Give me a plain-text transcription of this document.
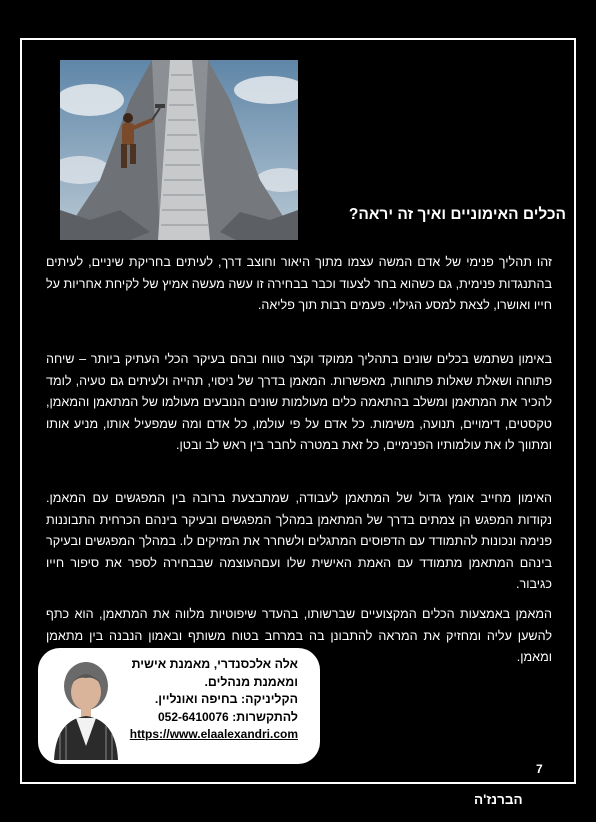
הכלים האימוניים ואיך זה יראה?

זהו תהליך פנימי של אדם המשה עצמו מתוך היאור וחוצב דרך, לעיתים בחריקת שיניים, לעיתים בהתנגדות פנימית, גם כשהוא בחר לצעוד וכבר בבחירה זו עשה מעשה אמיץ של לקיחת אחריות על חייו ואושרו, לצאת למסע הגילוי. פעמים רבות תוך פליאה.

באימון נשתמש בכלים שונים בתהליך ממוקד וקצר טווח ובהם בעיקר הכלי העתיק ביותר – שיחה פתוחה ושאלת שאלות פתוחות, מאפשרות. המאמן בדרך של ניסוי, תהייה ולעיתים גם טעיה, לומד להכיר את המתאמן ומשלב בהתאמה כלים מעולמות שונים הנובעים מעולמו של המתאמן והמאמן, טקסטים, דימויים, תנועה, משימות. כל אדם על פי עולמו, כל אדם ומה שמפעיל אותו, מניע אותו ומתווך לו את עולמותיו הפנימיים, כל זאת במטרה לחבר בין ראש לב ובטן.

האימון מחייב אומץ גדול של המתאמן לעבודה, שמתבצעת ברובה בין המפגשים עם המאמן. נקודות המפגש הן צמתים בדרך של המתאמן במהלך המפגשים ובעיקר בינהם הכרחית התבוננות פנימה ונכונות להתמודד עם הדפוסים המתגלים ולשחרר את המזיקים לו. במהלך המפגשים ובעיקר בינהם המתאמן מתמודד עם האמת האישית שלו ועםהעוצמה שבבחירה לספר את סיפור חייו כגיבור.

המאמן באמצעות הכלים המקצועיים שברשותו, בהעדר שיפוטיות מלווה את המתאמן, הוא כתף להשען עליה ומחזיק את המראה להתבונן בה במרחב בטוח משותף ובאמון הנבנה בין מתאמן ומאמן.

אלה אלכסנדרי, מאמנת אישית
ומאמנת מנהלים.
הקליניקה: בחיפה ואונליין.
להתקשרות: 052-6410076
https://www.elaalexandri.com
7
הברנז'ה
